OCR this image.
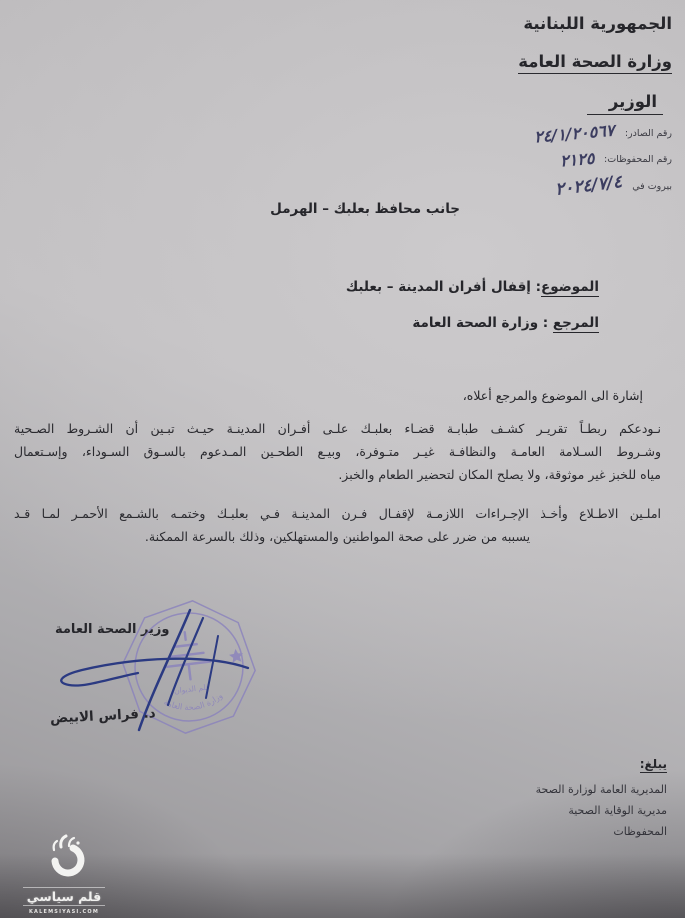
الجمهورية اللبنانية
وزارة الصحة العامة
الوزير
رقم الصادر:
٢٤/١/٢٠٥٦٧
رقم المحفوظات:
٢١٢٥
بيروت في
٢٠٢٤/٧/٤
جانب محافظ بعلبك – الهرمل
الموضوع: إقفال أفران المدينة – بعلبك
المرجع : وزارة الصحة العامة
إشارة الى الموضوع والمرجع أعلاه،
نـودعكم ربطـاً تقريـر كشـف طبابـة قضـاء بعلبـك علـى أفـران المدينـة حيـث تبـين أن الشـروط الصـحية
وشـروط السـلامة العامـة والنظافـة غيـر متـوفرة، وبيـع الطحـين المـدعوم بالسـوق السـوداء، وإسـتعمال
مياه للخبز غير موثوقة، ولا يصلح المكان لتحضير الطعام والخبز.
املـين الاطـلاع وأخـذ الإجـراءات اللازمـة لإقفـال فـرن المدينـة فـي بعلبـك وختمـه بالشـمع الأحمـر لمـا قـد
يسببه من ضرر على صحة المواطنين والمستهلكين، وذلك بالسرعة الممكنة.
وزير الصحة العامة
قلم الديوان
وزارة الصحة العامة
د. فراس الابيض
يبلغ:
المديرية العامة لوزارة الصحة
مديرية الوقاية الصحية
المحفوظات
قلم سياسي
KALEMSIYASI.COM
